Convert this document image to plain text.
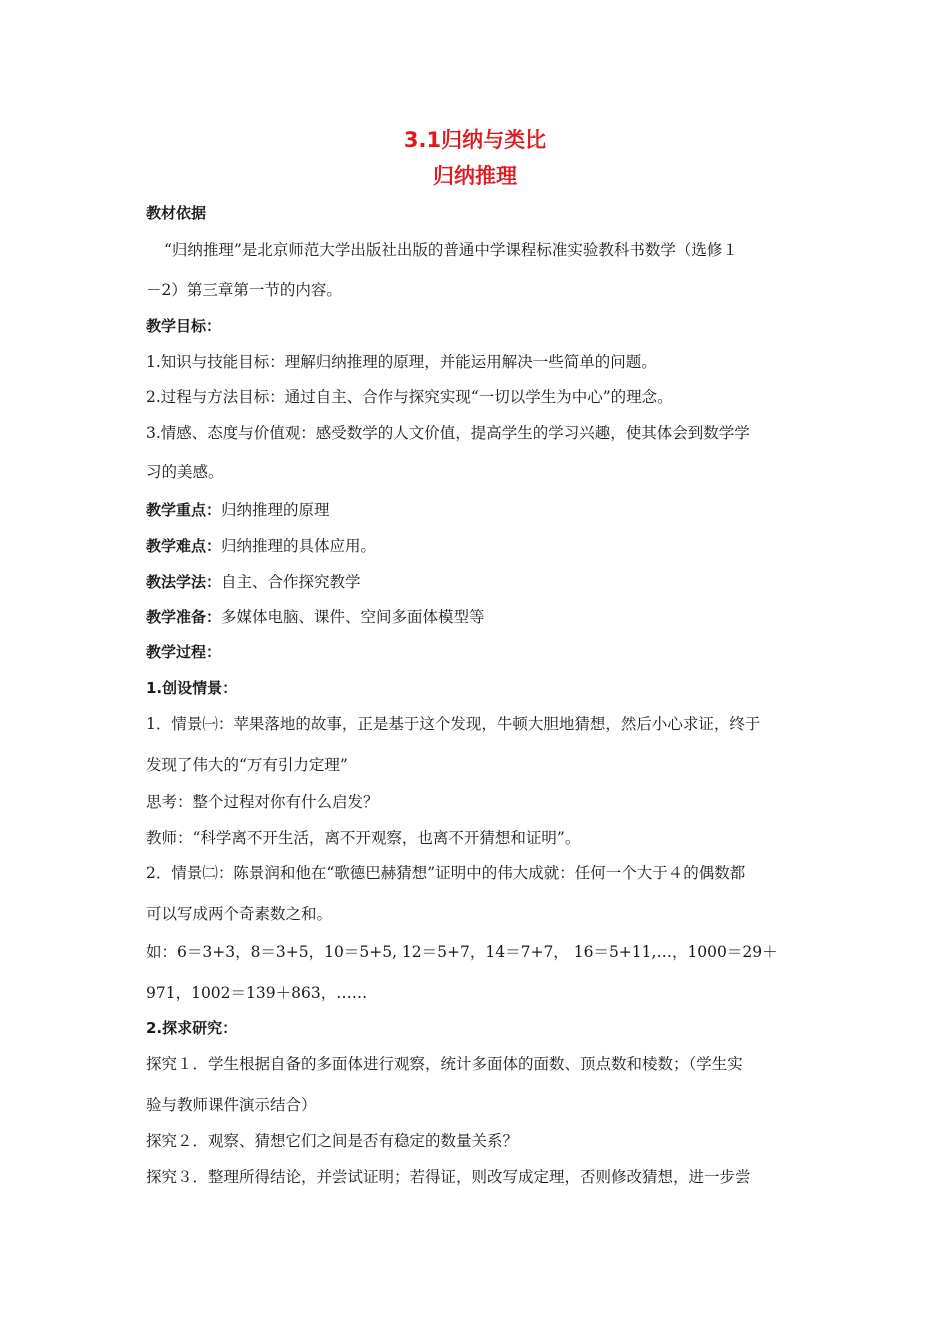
3.1归纳与类比
归纳推理
教材依据
“归纳推理”是北京师范大学出版社出版的普通中学课程标准实验教科书数学（选修１
－2）第三章第一节的内容。
教学目标：
1.知识与技能目标：理解归纳推理的原理，并能运用解决一些简单的问题。
2.过程与方法目标：通过自主、合作与探究实现“一切以学生为中心”的理念。
3.情感、态度与价值观：感受数学的人文价值，提高学生的学习兴趣，使其体会到数学学
习的美感。
教学重点：归纳推理的原理
教学难点：归纳推理的具体应用。
教法学法：自主、合作探究教学
教学准备：多媒体电脑、课件、空间多面体模型等
教学过程：
1.创设情景：
1．情景㈠：苹果落地的故事，正是基于这个发现，牛顿大胆地猜想，然后小心求证，终于
发现了伟大的“万有引力定理”
思考：整个过程对你有什么启发？
教师：“科学离不开生活，离不开观察，也离不开猜想和证明”。
2．情景㈡：陈景润和他在“歌德巴赫猜想”证明中的伟大成就：任何一个大于４的偶数都
可以写成两个奇素数之和。
如：6＝3+3，8＝3+5，10＝5+5, 12＝5+7，14＝7+7， 16＝5+11,…，1000＝29＋
971，1002＝139＋863，……
2.探求研究：
探究１．学生根据自备的多面体进行观察，统计多面体的面数、顶点数和棱数；（学生实
验与教师课件演示结合）
探究２．观察、猜想它们之间是否有稳定的数量关系？
探究３．整理所得结论，并尝试证明；若得证，则改写成定理，否则修改猜想，进一步尝
